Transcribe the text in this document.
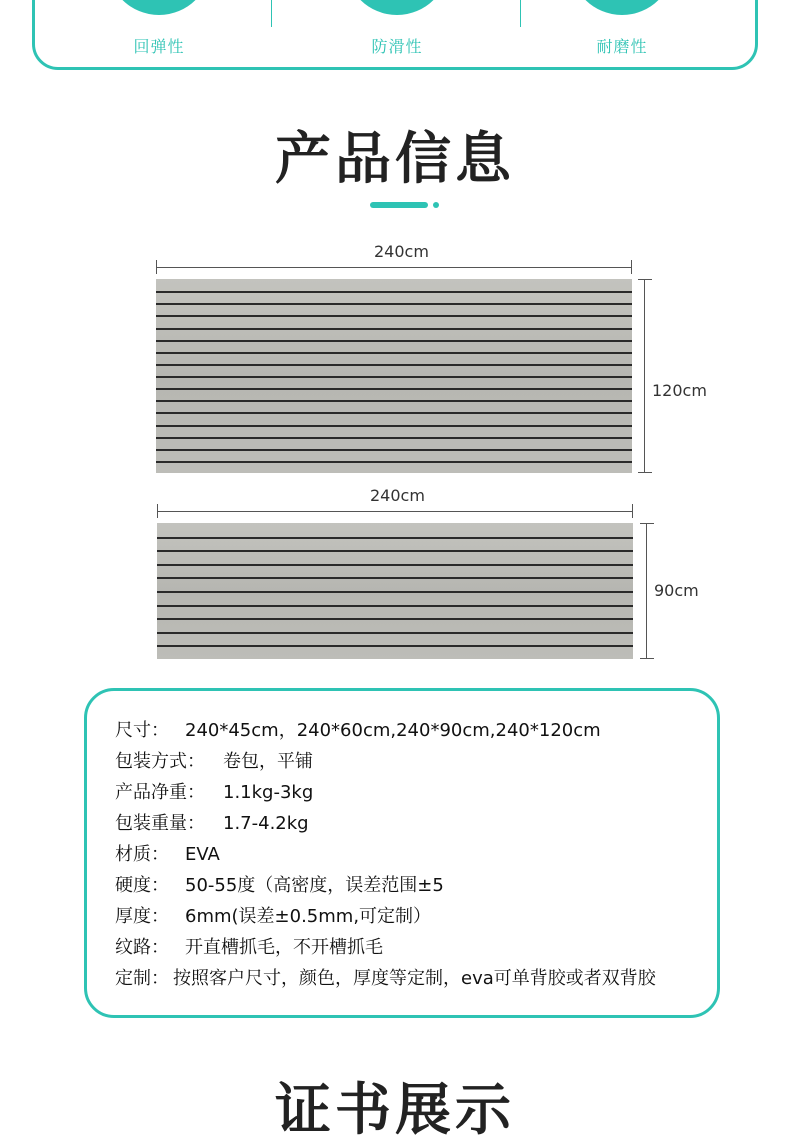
回弹性	防滑性	耐磨性
产品信息
240cm
120cm
240cm
90cm
尺寸： 240*45cm，240*60cm,240*90cm,240*120cm
包装方式： 卷包，平铺
产品净重： 1.1kg-3kg
包装重量： 1.7-4.2kg
材质： EVA
硬度： 50-55度（高密度，误差范围±5
厚度： 6mm(误差±0.5mm,可定制）
纹路： 开直槽抓毛，不开槽抓毛
定制： 按照客户尺寸，颜色，厚度等定制，eva可单背胶或者双背胶
证书展示
